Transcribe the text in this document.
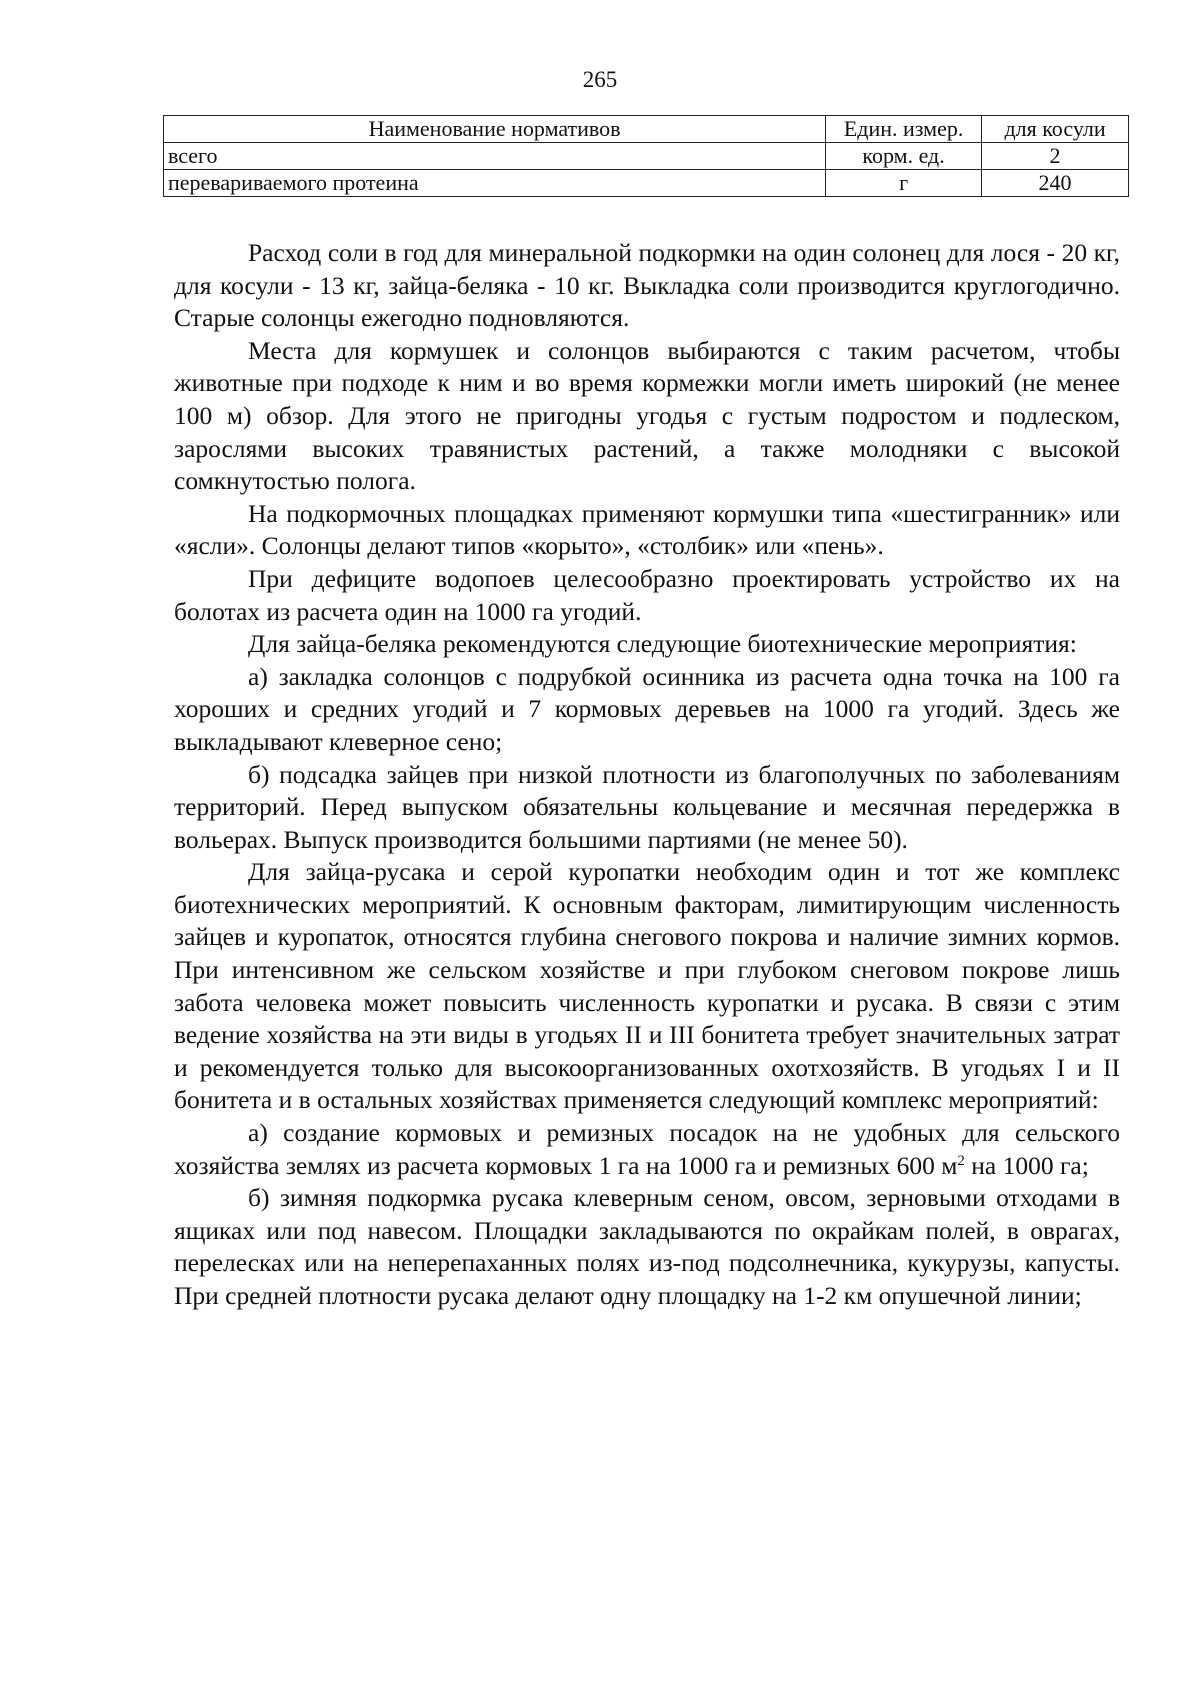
265
Наименование нормативов	Един. измер.	для косули
всего	корм. ед.	2
перевариваемого протеина	г	240

Расход соли в год для минеральной подкормки на один солонец для лося - 20 кг, для косули - 13 кг, зайца-беляка - 10 кг. Выкладка соли производится круглогодично. Старые солонцы ежегодно подновляются.

Места для кормушек и солонцов выбираются с таким расчетом, чтобы животные при подходе к ним и во время кормежки могли иметь широкий (не менее 100 м) обзор. Для этого не пригодны угодья с густым подростом и подлеском, зарослями высоких травянистых растений, а также молодняки с высокой сомкнутостью полога.

На подкормочных площадках применяют кормушки типа «шестигранник» или «ясли». Солонцы делают типов «корыто», «столбик» или «пень».

При дефиците водопоев целесообразно проектировать устройство их на болотах из расчета один на 1000 га угодий.

Для зайца-беляка рекомендуются следующие биотехнические мероприятия:

а) закладка солонцов с подрубкой осинника из расчета одна точка на 100 га хороших и средних угодий и 7 кормовых деревьев на 1000 га угодий. Здесь же выкладывают клеверное сено;

б) подсадка зайцев при низкой плотности из благополучных по заболеваниям территорий. Перед выпуском обязательны кольцевание и месячная передержка в вольерах. Выпуск производится большими партиями (не менее 50).

Для зайца-русака и серой куропатки необходим один и тот же комплекс биотехнических мероприятий. К основным факторам, лимитирующим численность зайцев и куропаток, относятся глубина снегового покрова и наличие зимних кормов. При интенсивном же сельском хозяйстве и при глубоком снеговом покрове лишь забота человека может повысить численность куропатки и русака. В связи с этим ведение хозяйства на эти виды в угодьях II и III бонитета требует значительных затрат и рекомендуется только для высокоорганизованных охотхозяйств. В угодьях I и II бонитета и в остальных хозяйствах применяется следующий комплекс мероприятий:

а) создание кормовых и ремизных посадок на не удобных для сельского хозяйства землях из расчета кормовых 1 га на 1000 га и ремизных 600 $м^2$ на 1000 га;

б) зимняя подкормка русака клеверным сеном, овсом, зерновыми отходами в ящиках или под навесом. Площадки закладываются по окрайкам полей, в оврагах, перелесках или на неперепаханных полях из-под подсолнечника, кукурузы, капусты. При средней плотности русака делают одну площадку на 1-2 км опушечной линии;
